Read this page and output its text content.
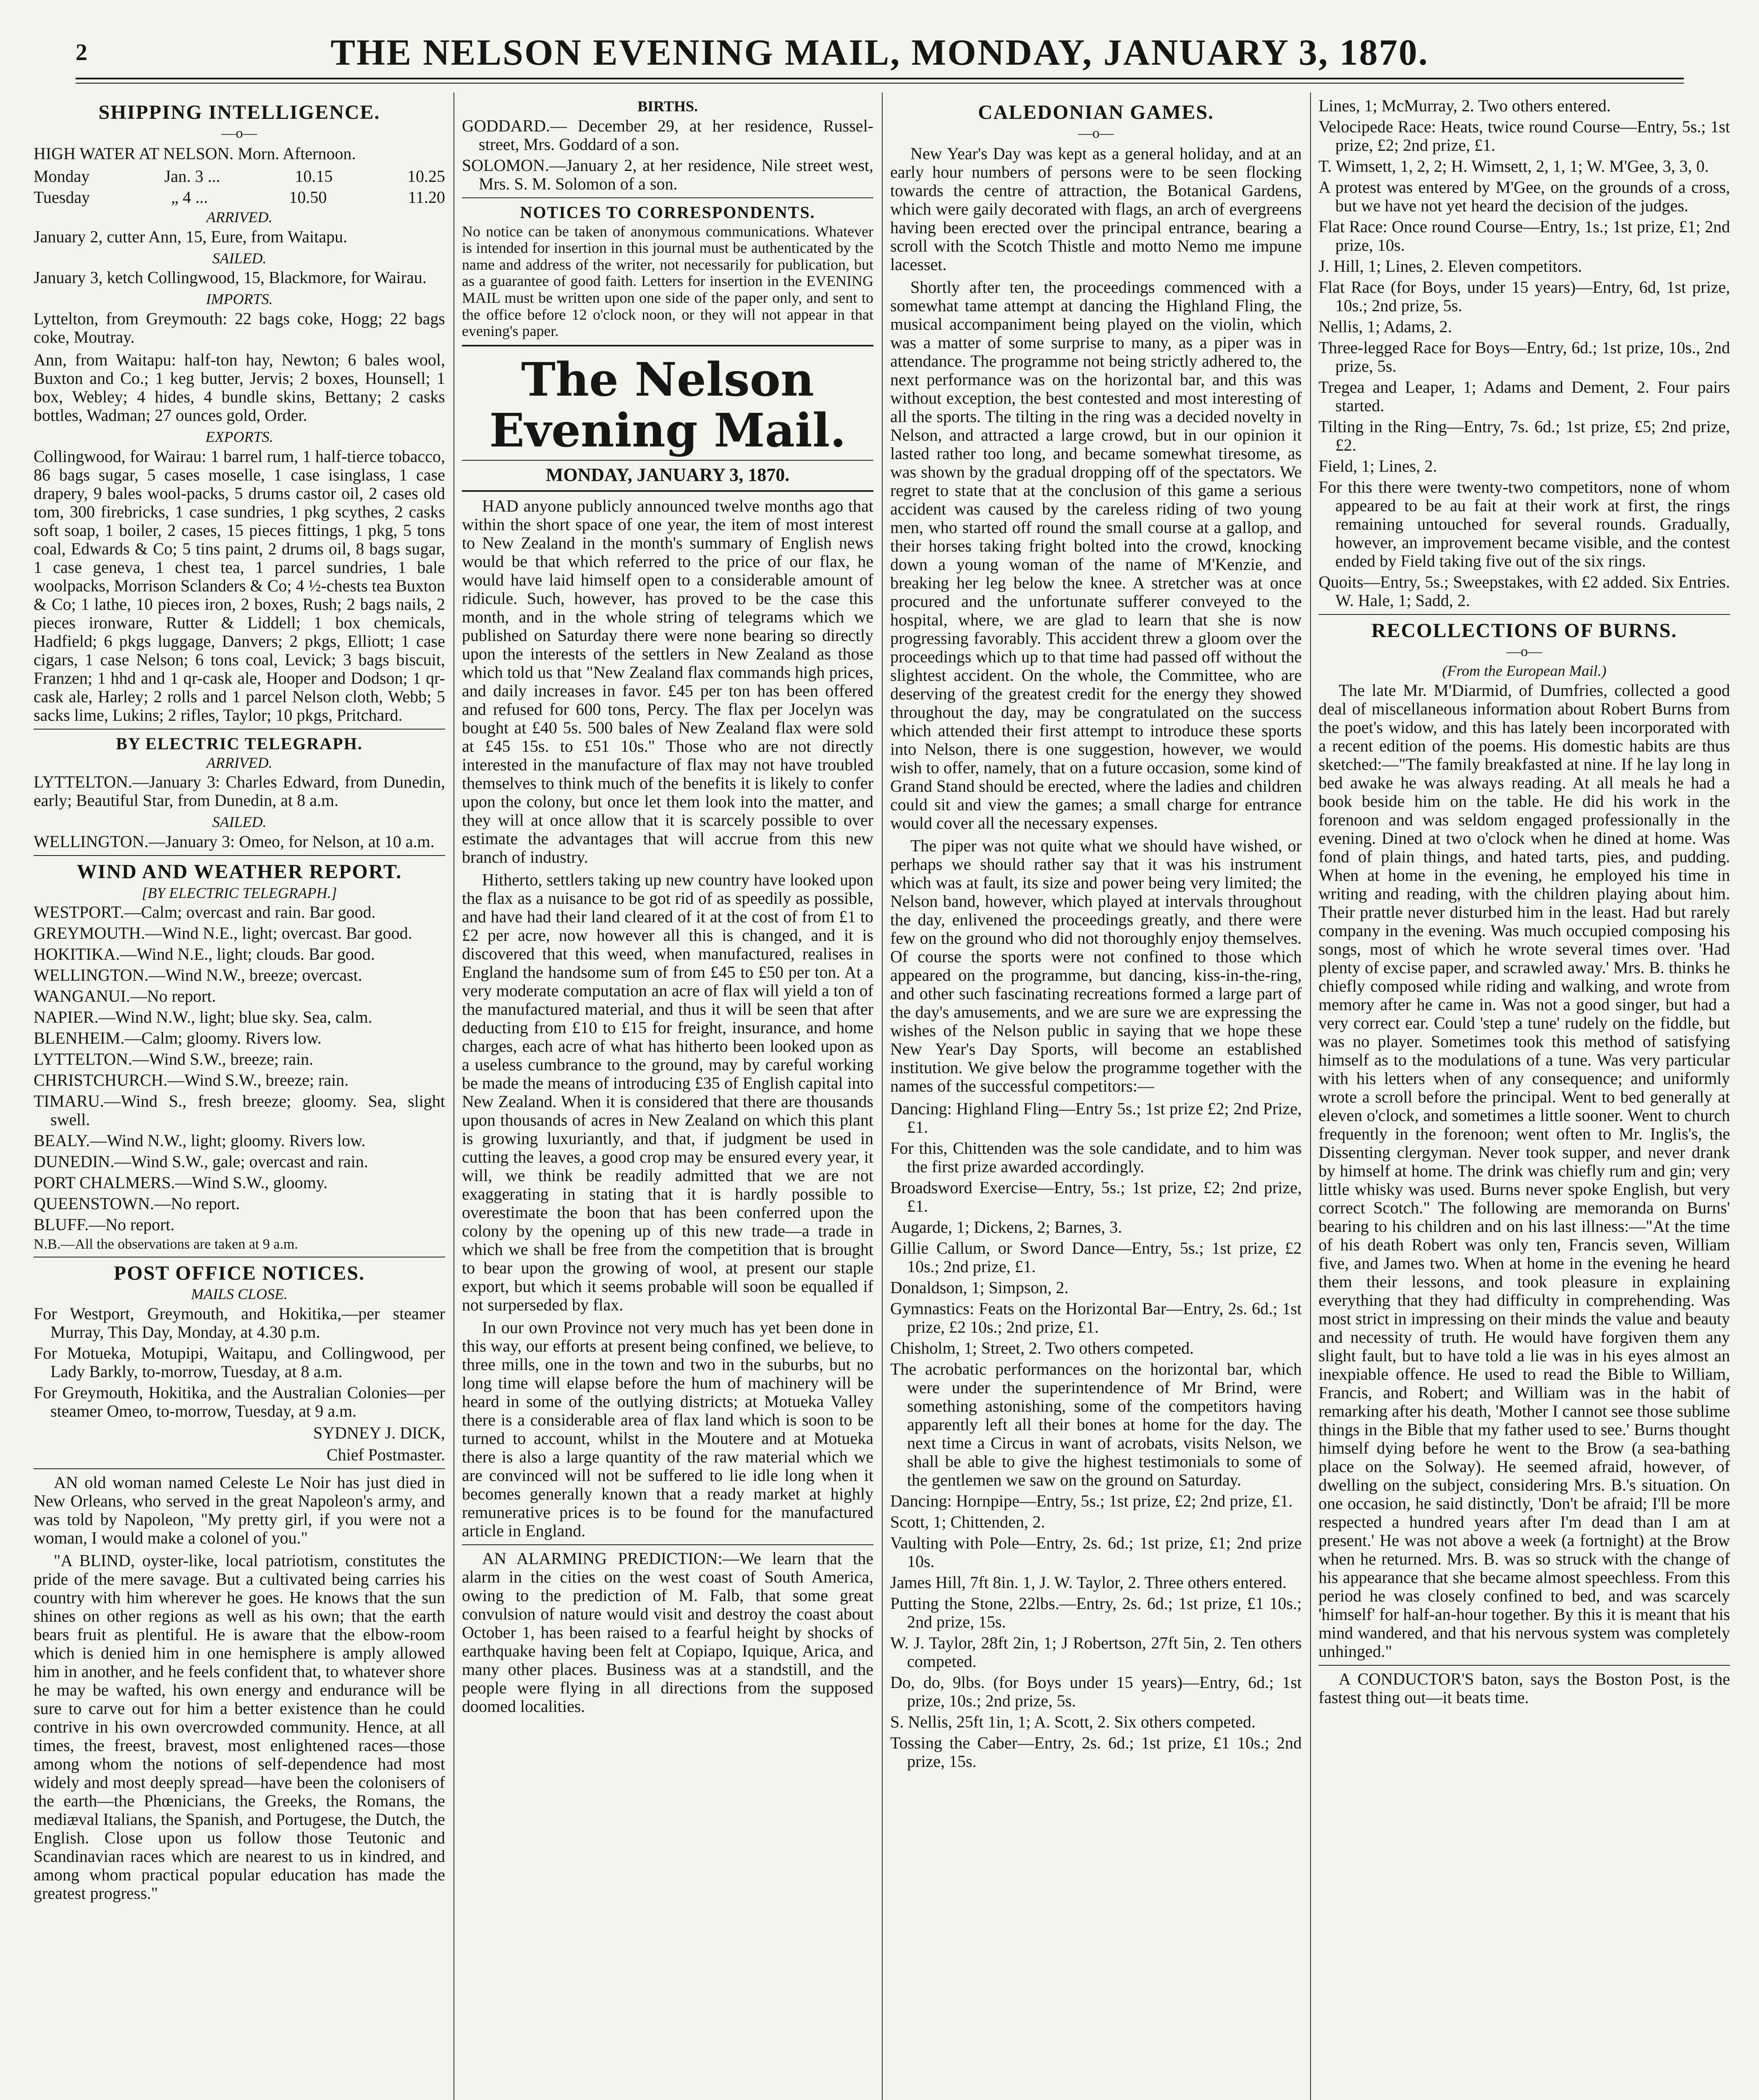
2	THE NELSON EVENING MAIL, MONDAY, JANUARY 3, 1870.
SHIPPING INTELLIGENCE.
—o—
HIGH WATER AT NELSON. Morn. Afternoon.
Monday	Jan. 3 ...	10.15	10.25
Tuesday	„ 4 ...	10.50	11.20
ARRIVED.
January 2, cutter Ann, 15, Eure, from Waitapu.
SAILED.
January 3, ketch Collingwood, 15, Blackmore, for Wairau.
IMPORTS.
Lyttelton, from Greymouth: 22 bags coke, Hogg; 22 bags coke, Moutray.
Ann, from Waitapu: half-ton hay, Newton; 6 bales wool, Buxton and Co.; 1 keg butter, Jervis; 2 boxes, Hounsell; 1 box, Webley; 4 hides, 4 bundle skins, Bettany; 2 casks bottles, Wadman; 27 ounces gold, Order.
EXPORTS.
Collingwood, for Wairau: 1 barrel rum, 1 half-tierce tobacco, 86 bags sugar, 5 cases moselle, 1 case isinglass, 1 case drapery, 9 bales wool-packs, 5 drums castor oil, 2 cases old tom, 300 firebricks, 1 case sundries, 1 pkg scythes, 2 casks soft soap, 1 boiler, 2 cases, 15 pieces fittings, 1 pkg, 5 tons coal, Edwards & Co; 5 tins paint, 2 drums oil, 8 bags sugar, 1 case geneva, 1 chest tea, 1 parcel sundries, 1 bale woolpacks, Morrison Sclanders & Co; 4 ½-chests tea Buxton & Co; 1 lathe, 10 pieces iron, 2 boxes, Rush; 2 bags nails, 2 pieces ironware, Rutter & Liddell; 1 box chemicals, Hadfield; 6 pkgs luggage, Danvers; 2 pkgs, Elliott; 1 case cigars, 1 case Nelson; 6 tons coal, Levick; 3 bags biscuit, Franzen; 1 hhd and 1 qr-cask ale, Hooper and Dodson; 1 qr-cask ale, Harley; 2 rolls and 1 parcel Nelson cloth, Webb; 5 sacks lime, Lukins; 2 rifles, Taylor; 10 pkgs, Pritchard.
BY ELECTRIC TELEGRAPH.
ARRIVED.
LYTTELTON.—January 3: Charles Edward, from Dunedin, early; Beautiful Star, from Dunedin, at 8 a.m.
SAILED.
WELLINGTON.—January 3: Omeo, for Nelson, at 10 a.m.
WIND AND WEATHER REPORT.
[BY ELECTRIC TELEGRAPH.]
WESTPORT.—Calm; overcast and rain. Bar good.
GREYMOUTH.—Wind N.E., light; overcast. Bar good.
HOKITIKA.—Wind N.E., light; clouds. Bar good.
WELLINGTON.—Wind N.W., breeze; overcast.
WANGANUI.—No report.
NAPIER.—Wind N.W., light; blue sky. Sea, calm.
BLENHEIM.—Calm; gloomy. Rivers low.
LYTTELTON.—Wind S.W., breeze; rain.
CHRISTCHURCH.—Wind S.W., breeze; rain.
TIMARU.—Wind S., fresh breeze; gloomy. Sea, slight swell.
BEALY.—Wind N.W., light; gloomy. Rivers low.
DUNEDIN.—Wind S.W., gale; overcast and rain.
PORT CHALMERS.—Wind S.W., gloomy.
QUEENSTOWN.—No report.
BLUFF.—No report.
N.B.—All the observations are taken at 9 a.m.
POST OFFICE NOTICES.
MAILS CLOSE.
For Westport, Greymouth, and Hokitika,—per steamer Murray, This Day, Monday, at 4.30 p.m.
For Motueka, Motupipi, Waitapu, and Collingwood, per Lady Barkly, to-morrow, Tuesday, at 8 a.m.
For Greymouth, Hokitika, and the Australian Colonies—per steamer Omeo, to-morrow, Tuesday, at 9 a.m.
SYDNEY J. DICK,
Chief Postmaster.
AN old woman named Celeste Le Noir has just died in New Orleans, who served in the great Napoleon's army, and was told by Napoleon, "My pretty girl, if you were not a woman, I would make a colonel of you."
"A BLIND, oyster-like, local patriotism, constitutes the pride of the mere savage. But a cultivated being carries his country with him wherever he goes. He knows that the sun shines on other regions as well as his own; that the earth bears fruit as plentiful. He is aware that the elbow-room which is denied him in one hemisphere is amply allowed him in another, and he feels confident that, to whatever shore he may be wafted, his own energy and endurance will be sure to carve out for him a better existence than he could contrive in his own overcrowded community. Hence, at all times, the freest, bravest, most enlightened races—those among whom the notions of self-dependence had most widely and most deeply spread—have been the colonisers of the earth—the Phœnicians, the Greeks, the Romans, the mediæval Italians, the Spanish, and Portugese, the Dutch, the English. Close upon us follow those Teutonic and Scandinavian races which are nearest to us in kindred, and among whom practical popular education has made the greatest progress."
BIRTHS.
GODDARD.— December 29, at her residence, Russel-street, Mrs. Goddard of a son.
SOLOMON.—January 2, at her residence, Nile street west, Mrs. S. M. Solomon of a son.
NOTICES TO CORRESPONDENTS.
No notice can be taken of anonymous communications. Whatever is intended for insertion in this journal must be authenticated by the name and address of the writer, not necessarily for publication, but as a guarantee of good faith. Letters for insertion in the EVENING MAIL must be written upon one side of the paper only, and sent to the office before 12 o'clock noon, or they will not appear in that evening's paper.
The Nelson Evening Mail.
MONDAY, JANUARY 3, 1870.
HAD anyone publicly announced twelve months ago that within the short space of one year, the item of most interest to New Zealand in the month's summary of English news would be that which referred to the price of our flax, he would have laid himself open to a considerable amount of ridicule. Such, however, has proved to be the case this month, and in the whole string of telegrams which we published on Saturday there were none bearing so directly upon the interests of the settlers in New Zealand as those which told us that "New Zealand flax commands high prices, and daily increases in favor. £45 per ton has been offered and refused for 600 tons, Percy. The flax per Jocelyn was bought at £40 5s. 500 bales of New Zealand flax were sold at £45 15s. to £51 10s." Those who are not directly interested in the manufacture of flax may not have troubled themselves to think much of the benefits it is likely to confer upon the colony, but once let them look into the matter, and they will at once allow that it is scarcely possible to over estimate the advantages that will accrue from this new branch of industry.
Hitherto, settlers taking up new country have looked upon the flax as a nuisance to be got rid of as speedily as possible, and have had their land cleared of it at the cost of from £1 to £2 per acre, now however all this is changed, and it is discovered that this weed, when manufactured, realises in England the handsome sum of from £45 to £50 per ton. At a very moderate computation an acre of flax will yield a ton of the manufactured material, and thus it will be seen that after deducting from £10 to £15 for freight, insurance, and home charges, each acre of what has hitherto been looked upon as a useless cumbrance to the ground, may by careful working be made the means of introducing £35 of English capital into New Zealand. When it is considered that there are thousands upon thousands of acres in New Zealand on which this plant is growing luxuriantly, and that, if judgment be used in cutting the leaves, a good crop may be ensured every year, it will, we think be readily admitted that we are not exaggerating in stating that it is hardly possible to overestimate the boon that has been conferred upon the colony by the opening up of this new trade—a trade in which we shall be free from the competition that is brought to bear upon the growing of wool, at present our staple export, but which it seems probable will soon be equalled if not surperseded by flax.
In our own Province not very much has yet been done in this way, our efforts at present being confined, we believe, to three mills, one in the town and two in the suburbs, but no long time will elapse before the hum of machinery will be heard in some of the outlying districts; at Motueka Valley there is a considerable area of flax land which is soon to be turned to account, whilst in the Moutere and at Motueka there is also a large quantity of the raw material which we are convinced will not be suffered to lie idle long when it becomes generally known that a ready market at highly remunerative prices is to be found for the manufactured article in England.
AN ALARMING PREDICTION:—We learn that the alarm in the cities on the west coast of South America, owing to the prediction of M. Falb, that some great convulsion of nature would visit and destroy the coast about October 1, has been raised to a fearful height by shocks of earthquake having been felt at Copiapo, Iquique, Arica, and many other places. Business was at a standstill, and the people were flying in all directions from the supposed doomed localities.
CALEDONIAN GAMES.
—o—
New Year's Day was kept as a general holiday, and at an early hour numbers of persons were to be seen flocking towards the centre of attraction, the Botanical Gardens, which were gaily decorated with flags, an arch of evergreens having been erected over the principal entrance, bearing a scroll with the Scotch Thistle and motto Nemo me impune lacesset.
Shortly after ten, the proceedings commenced with a somewhat tame attempt at dancing the Highland Fling, the musical accompaniment being played on the violin, which was a matter of some surprise to many, as a piper was in attendance. The programme not being strictly adhered to, the next performance was on the horizontal bar, and this was without exception, the best contested and most interesting of all the sports. The tilting in the ring was a decided novelty in Nelson, and attracted a large crowd, but in our opinion it lasted rather too long, and became somewhat tiresome, as was shown by the gradual dropping off of the spectators. We regret to state that at the conclusion of this game a serious accident was caused by the careless riding of two young men, who started off round the small course at a gallop, and their horses taking fright bolted into the crowd, knocking down a young woman of the name of M'Kenzie, and breaking her leg below the knee. A stretcher was at once procured and the unfortunate sufferer conveyed to the hospital, where, we are glad to learn that she is now progressing favorably. This accident threw a gloom over the proceedings which up to that time had passed off without the slightest accident. On the whole, the Committee, who are deserving of the greatest credit for the energy they showed throughout the day, may be congratulated on the success which attended their first attempt to introduce these sports into Nelson, there is one suggestion, however, we would wish to offer, namely, that on a future occasion, some kind of Grand Stand should be erected, where the ladies and children could sit and view the games; a small charge for entrance would cover all the necessary expenses.
The piper was not quite what we should have wished, or perhaps we should rather say that it was his instrument which was at fault, its size and power being very limited; the Nelson band, however, which played at intervals throughout the day, enlivened the proceedings greatly, and there were few on the ground who did not thoroughly enjoy themselves. Of course the sports were not confined to those which appeared on the programme, but dancing, kiss-in-the-ring, and other such fascinating recreations formed a large part of the day's amusements, and we are sure we are expressing the wishes of the Nelson public in saying that we hope these New Year's Day Sports, will become an established institution. We give below the programme together with the names of the successful competitors:—
Dancing: Highland Fling—Entry 5s.; 1st prize £2; 2nd Prize, £1.
For this, Chittenden was the sole candidate, and to him was the first prize awarded accordingly.
Broadsword Exercise—Entry, 5s.; 1st prize, £2; 2nd prize, £1.
Augarde, 1; Dickens, 2; Barnes, 3.
Gillie Callum, or Sword Dance—Entry, 5s.; 1st prize, £2 10s.; 2nd prize, £1.
Donaldson, 1; Simpson, 2.
Gymnastics: Feats on the Horizontal Bar—Entry, 2s. 6d.; 1st prize, £2 10s.; 2nd prize, £1.
Chisholm, 1; Street, 2. Two others competed.
The acrobatic performances on the horizontal bar, which were under the superintendence of Mr Brind, were something astonishing, some of the competitors having apparently left all their bones at home for the day. The next time a Circus in want of acrobats, visits Nelson, we shall be able to give the highest testimonials to some of the gentlemen we saw on the ground on Saturday.
Dancing: Hornpipe—Entry, 5s.; 1st prize, £2; 2nd prize, £1.
Scott, 1; Chittenden, 2.
Vaulting with Pole—Entry, 2s. 6d.; 1st prize, £1; 2nd prize 10s.
James Hill, 7ft 8in. 1, J. W. Taylor, 2. Three others entered.
Putting the Stone, 22lbs.—Entry, 2s. 6d.; 1st prize, £1 10s.; 2nd prize, 15s.
W. J. Taylor, 28ft 2in, 1; J Robertson, 27ft 5in, 2. Ten others competed.
Do, do, 9lbs. (for Boys under 15 years)—Entry, 6d.; 1st prize, 10s.; 2nd prize, 5s.
S. Nellis, 25ft 1in, 1; A. Scott, 2. Six others competed.
Tossing the Caber—Entry, 2s. 6d.; 1st prize, £1 10s.; 2nd prize, 15s.
Lines, 1; McMurray, 2. Two others entered.
Velocipede Race: Heats, twice round Course—Entry, 5s.; 1st prize, £2; 2nd prize, £1.
T. Wimsett, 1, 2, 2; H. Wimsett, 2, 1, 1; W. M'Gee, 3, 3, 0.
A protest was entered by M'Gee, on the grounds of a cross, but we have not yet heard the decision of the judges.
Flat Race: Once round Course—Entry, 1s.; 1st prize, £1; 2nd prize, 10s.
J. Hill, 1; Lines, 2. Eleven competitors.
Flat Race (for Boys, under 15 years)—Entry, 6d, 1st prize, 10s.; 2nd prize, 5s.
Nellis, 1; Adams, 2.
Three-legged Race for Boys—Entry, 6d.; 1st prize, 10s., 2nd prize, 5s.
Tregea and Leaper, 1; Adams and Dement, 2. Four pairs started.
Tilting in the Ring—Entry, 7s. 6d.; 1st prize, £5; 2nd prize, £2.
Field, 1; Lines, 2.
For this there were twenty-two competitors, none of whom appeared to be au fait at their work at first, the rings remaining untouched for several rounds. Gradually, however, an improvement became visible, and the contest ended by Field taking five out of the six rings.
Quoits—Entry, 5s.; Sweepstakes, with £2 added. Six Entries. W. Hale, 1; Sadd, 2.
RECOLLECTIONS OF BURNS.
—o—
(From the European Mail.)
The late Mr. M'Diarmid, of Dumfries, collected a good deal of miscellaneous information about Robert Burns from the poet's widow, and this has lately been incorporated with a recent edition of the poems. His domestic habits are thus sketched:—"The family breakfasted at nine. If he lay long in bed awake he was always reading. At all meals he had a book beside him on the table. He did his work in the forenoon and was seldom engaged professionally in the evening. Dined at two o'clock when he dined at home. Was fond of plain things, and hated tarts, pies, and pudding. When at home in the evening, he employed his time in writing and reading, with the children playing about him. Their prattle never disturbed him in the least. Had but rarely company in the evening. Was much occupied composing his songs, most of which he wrote several times over. 'Had plenty of excise paper, and scrawled away.' Mrs. B. thinks he chiefly composed while riding and walking, and wrote from memory after he came in. Was not a good singer, but had a very correct ear. Could 'step a tune' rudely on the fiddle, but was no player. Sometimes took this method of satisfying himself as to the modulations of a tune. Was very particular with his letters when of any consequence; and uniformly wrote a scroll before the principal. Went to bed generally at eleven o'clock, and sometimes a little sooner. Went to church frequently in the forenoon; went often to Mr. Inglis's, the Dissenting clergyman. Never took supper, and never drank by himself at home. The drink was chiefly rum and gin; very little whisky was used. Burns never spoke English, but very correct Scotch." The following are memoranda on Burns' bearing to his children and on his last illness:—"At the time of his death Robert was only ten, Francis seven, William five, and James two. When at home in the evening he heard them their lessons, and took pleasure in explaining everything that they had difficulty in comprehending. Was most strict in impressing on their minds the value and beauty and necessity of truth. He would have forgiven them any slight fault, but to have told a lie was in his eyes almost an inexpiable offence. He used to read the Bible to William, Francis, and Robert; and William was in the habit of remarking after his death, 'Mother I cannot see those sublime things in the Bible that my father used to see.' Burns thought himself dying before he went to the Brow (a sea-bathing place on the Solway). He seemed afraid, however, of dwelling on the subject, considering Mrs. B.'s situation. On one occasion, he said distinctly, 'Don't be afraid; I'll be more respected a hundred years after I'm dead than I am at present.' He was not above a week (a fortnight) at the Brow when he returned. Mrs. B. was so struck with the change of his appearance that she became almost speechless. From this period he was closely confined to bed, and was scarcely 'himself' for half-an-hour together. By this it is meant that his mind wandered, and that his nervous system was completely unhinged."
A CONDUCTOR'S baton, says the Boston Post, is the fastest thing out—it beats time.
